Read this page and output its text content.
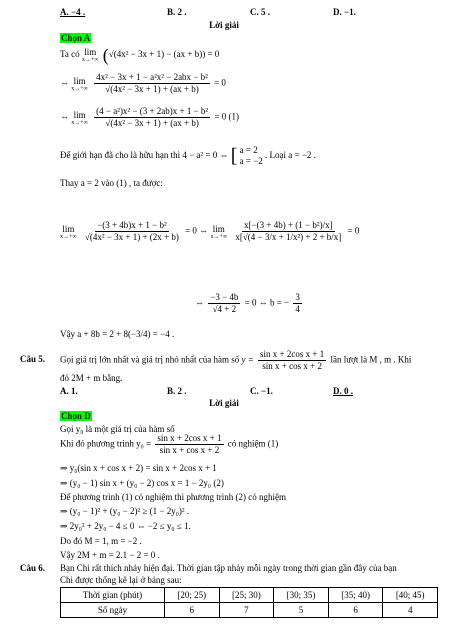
A. −4 .	B. 2 .	C. 5 .	D. −1.
Lời giải
Chọn A
Ta có lim
x→+∞ (√(4x² − 3x + 1) − (ax + b)) = 0
⇔ lim
x→+∞
$\frac{\text{4x² − 3x + 1 − a²x² − 2abx − b²}}{\text{√(4x² − 3x + 1) + (ax + b)}} = 0$
⇔ lim
x→+∞
$\frac{\text{(4 − a²)x² − (3 + 2ab)x + 1 − b²}}{\text{√(4x² − 3x + 1) + (ax + b)}} = 0$ (1)
Để giới hạn đã cho là hữu hạn thì 4 − a² = 0 ⇔ [ a = 2
a = −2
. Loại a = −2 .
Thay a = 2 vào (1) , ta được:
lim
x→+∞
$\frac{\text{−(3 + 4b)x + 1 − b²}}{\text{√(4x² − 3x + 1) + (2x + b)}} = 0$ ⇔ lim
x→+∞
$\frac{\text{x[−(3 + 4b) + (1 − b²)/x]}}{\text{x[√(4 − 3/x + 1/x²) + 2 + b/x]}} = 0$
⇔ $\frac{-3 - 4b}{√4 + 2} = 0$ ⇔ b = − $\frac{3}{4}$
Vậy a + 8b = 2 + 8(−3/4) = −4 .
Câu 5. Gọi giá trị lớn nhất và giá trị nhỏ nhất của hàm số $y = \frac{\text{sin x + 2cos x + 1}}{\text{sin x + cos x + 2}}$ lần lượt là M , m . Khi
đó 2M + m bằng.
A. 1.	B. 2 .	C. −1.	D. 0 .
Lời giải
Chọn D
Gọi y₀ là một giá trị của hàm số
Khi đó phương trình $y_0 = \frac{\text{sin x + 2cos x + 1}}{\text{sin x + cos x + 2}}$ có nghiệm (1)
⇒ y₀(sin x + cos x + 2) = sin x + 2cos x + 1
⇒ (y₀ − 1) sin x + (y₀ − 2) cos x = 1 − 2y₀ (2)
Để phương trình (1) có nghiệm thì phương trình (2) có nghiệm
⇒ (y₀ − 1)² + (y₀ − 2)² ≥ (1 − 2y₀)² .
⇒ 2y₀² + 2y₀ − 4 ≤ 0 ⇔ −2 ≤ y₀ ≤ 1.
Do đó M = 1, m = −2 .
Vậy 2M + m = 2.1 − 2 = 0 .
Câu 6. Bạn Chi rất thích nhảy hiện đại. Thời gian tập nhảy mỗi ngày trong thời gian gần đây của bạn
Chi được thống kê lại ở bảng sau:
Thời gian (phút)	[20; 25)	[25; 30)	[30; 35)	[35; 40)	[40; 45)
Số ngày	6	7	5	6	4
